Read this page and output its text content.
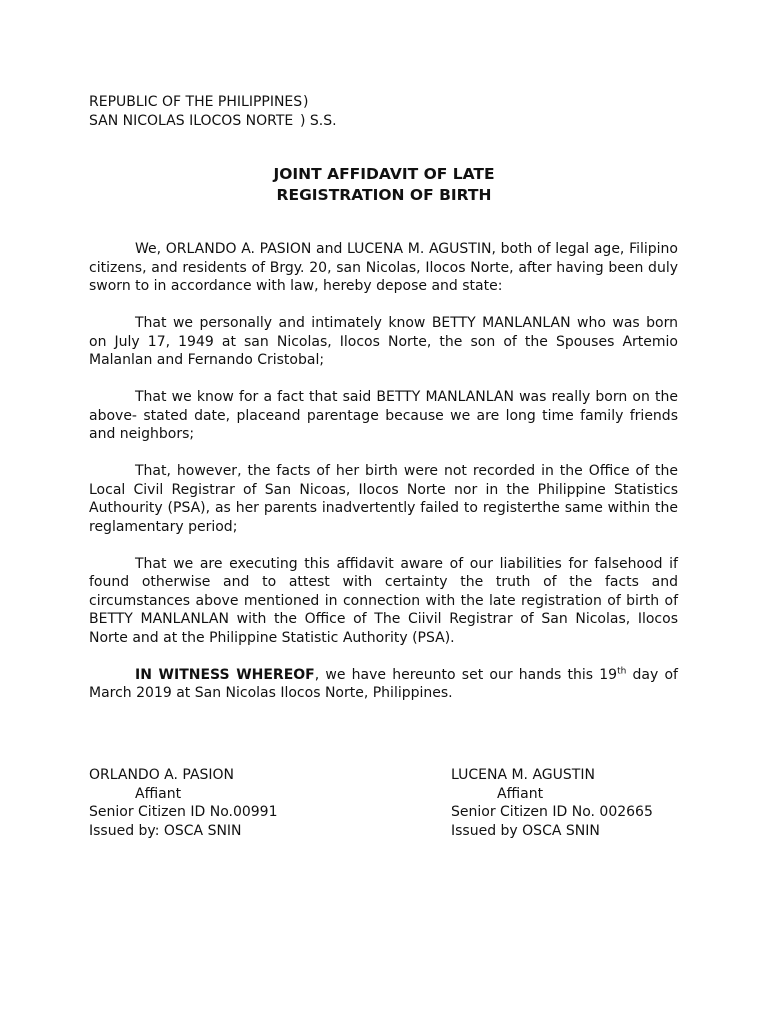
REPUBLIC OF THE PHILIPPINES )
SAN NICOLAS ILOCOS NORTE ) S.S.
JOINT AFFIDAVIT OF LATE
REGISTRATION OF BIRTH

We, ORLANDO A. PASION and LUCENA M. AGUSTIN, both of legal age, Filipino citizens, and residents of Brgy. 20, san Nicolas, Ilocos Norte, after having been duly sworn to in accordance with law, hereby depose and state:

That we personally and intimately know BETTY MANLANLAN who was born on July 17, 1949 at san Nicolas, Ilocos Norte, the son of the Spouses Artemio Malanlan and Fernando Cristobal;

That we know for a fact that said BETTY MANLANLAN was really born on the above- stated date, placeand parentage because we are long time family friends and neighbors;

That, however, the facts of her birth were not recorded in the Office of the Local Civil Registrar of San Nicoas, Ilocos Norte nor in the Philippine Statistics Authourity (PSA), as her parents inadvertently failed to registerthe same within the reglamentary period;

That we are executing this affidavit aware of our liabilities for falsehood if found otherwise and to attest with certainty the truth of the facts and circumstances above mentioned in connection with the late registration of birth of BETTY MANLANLAN with the Office of The Ciivil Registrar of San Nicolas, Ilocos Norte and at the Philippine Statistic Authority (PSA).

IN WITNESS WHEREOF, we have hereunto set our hands this 19th day of March 2019 at San Nicolas Ilocos Norte, Philippines.

ORLANDO A. PASION
Affiant
Senior Citizen ID No.00991
Issued by: OSCA SNIN
LUCENA M. AGUSTIN
Affiant
Senior Citizen ID No. 002665
Issued by OSCA SNIN
